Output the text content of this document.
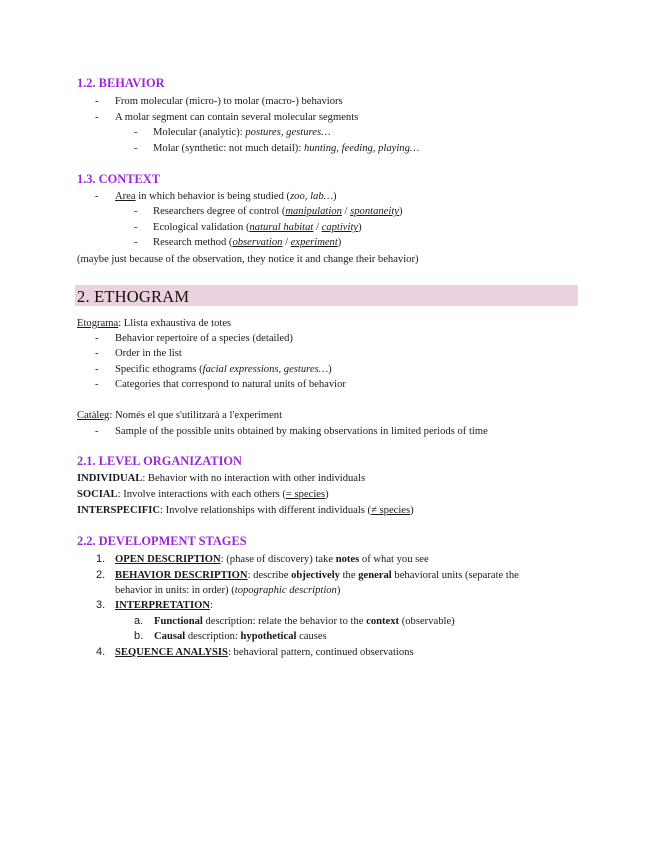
1.2. BEHAVIOR
- From molecular (micro-) to molar (macro-) behaviors
- A molar segment can contain several molecular segments
- Molecular (analytic): postures, gestures…
- Molar (synthetic: not much detail): hunting, feeding, playing…
1.3. CONTEXT
- Area in which behavior is being studied (zoo, lab…)
- Researchers degree of control (manipulation / spontaneity)
- Ecological validation (natural habitat / captivity)
- Research method (observation / experiment)
(maybe just because of the observation, they notice it and change their behavior)
2. ETHOGRAM
Etograma: Llista exhaustiva de totes
- Behavior repertoire of a species (detailed)
- Order in the list
- Specific ethograms (facial expressions, gestures…)
- Categories that correspond to natural units of behavior
Catàleg: Només el que s'utilitzarà a l'experiment
- Sample of the possible units obtained by making observations in limited periods of time
2.1. LEVEL ORGANIZATION
INDIVIDUAL: Behavior with no interaction with other individuals
SOCIAL: Involve interactions with each others (= species)
INTERSPECIFIC: Involve relationships with different individuals (≠ species)
2.2. DEVELOPMENT STAGES
1. OPEN DESCRIPTION: (phase of discovery) take notes of what you see
2. BEHAVIOR DESCRIPTION: describe objectively the general behavioral units (separate the
behavior in units: in order) (topographic description)
3. INTERPRETATION:
a. Functional description: relate the behavior to the context (observable)
b. Causal description: hypothetical causes
4. SEQUENCE ANALYSIS: behavioral pattern, continued observations
